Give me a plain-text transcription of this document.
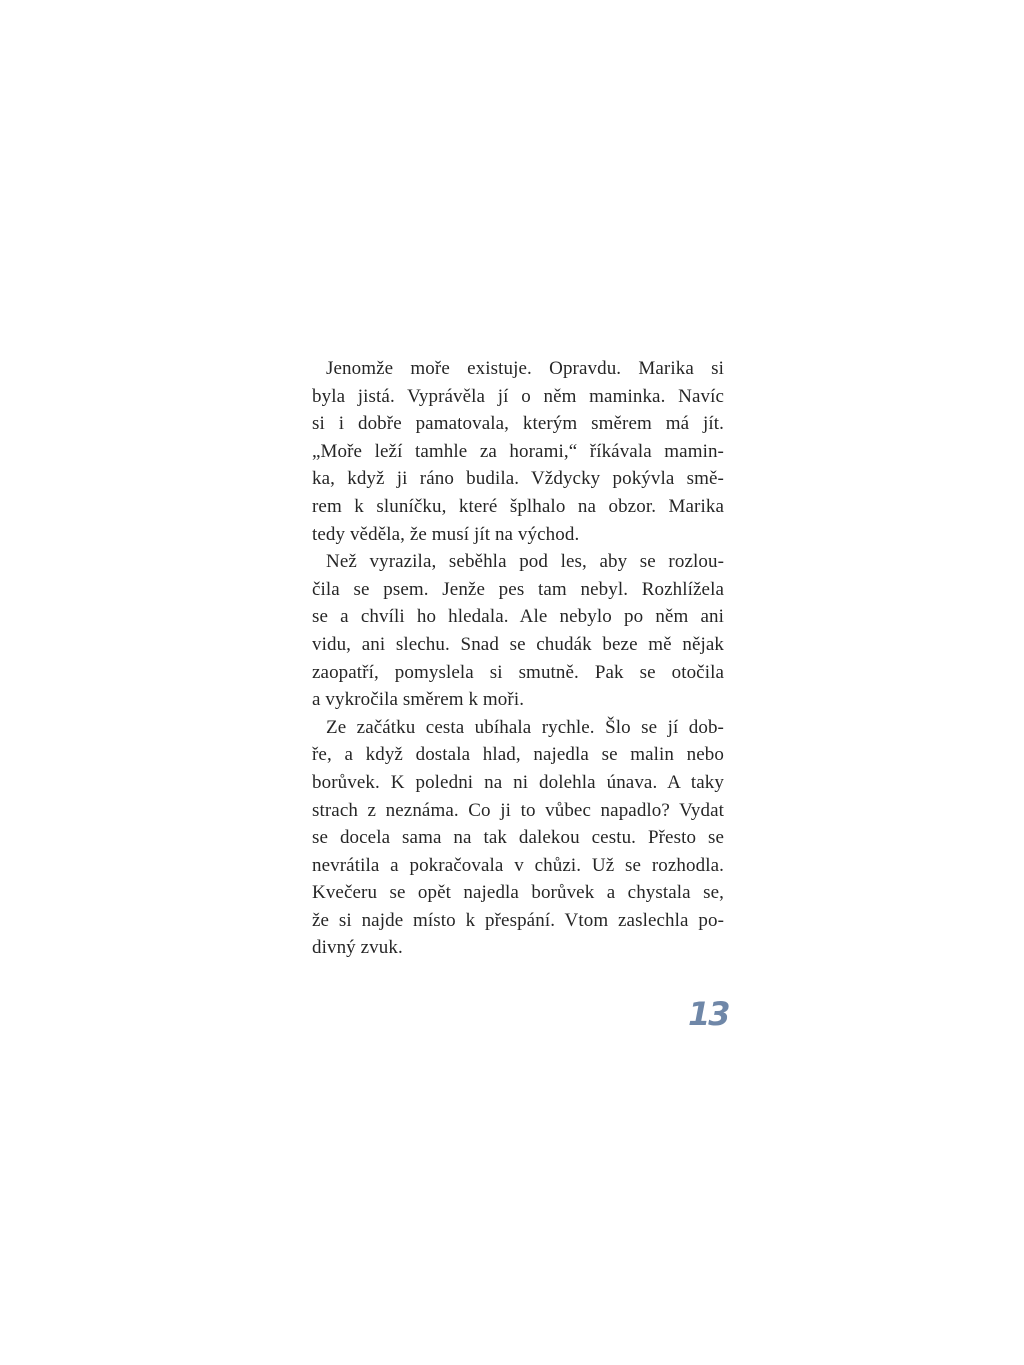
Jenomže moře existuje. Opravdu. Marika si
byla jistá. Vyprávěla jí o něm maminka. Navíc
si i dobře pamatovala, kterým směrem má jít.
„Moře leží tamhle za horami,“ říkávala mamin-
ka, když ji ráno budila. Vždycky pokývla smě-
rem k sluníčku, které šplhalo na obzor. Marika
tedy věděla, že musí jít na východ.
Než vyrazila, seběhla pod les, aby se rozlou-
čila se psem. Jenže pes tam nebyl. Rozhlížela
se a chvíli ho hledala. Ale nebylo po něm ani
vidu, ani slechu. Snad se chudák beze mě nějak
zaopatří, pomyslela si smutně. Pak se otočila
a vykročila směrem k moři.
Ze začátku cesta ubíhala rychle. Šlo se jí dob-
ře, a když dostala hlad, najedla se malin nebo
borůvek. K poledni na ni dolehla únava. A taky
strach z neznáma. Co ji to vůbec napadlo? Vydat
se docela sama na tak dalekou cestu. Přesto se
nevrátila a pokračovala v chůzi. Už se rozhodla.
Kvečeru se opět najedla borůvek a chystala se,
že si najde místo k přespání. Vtom zaslechla po-
divný zvuk.
13
